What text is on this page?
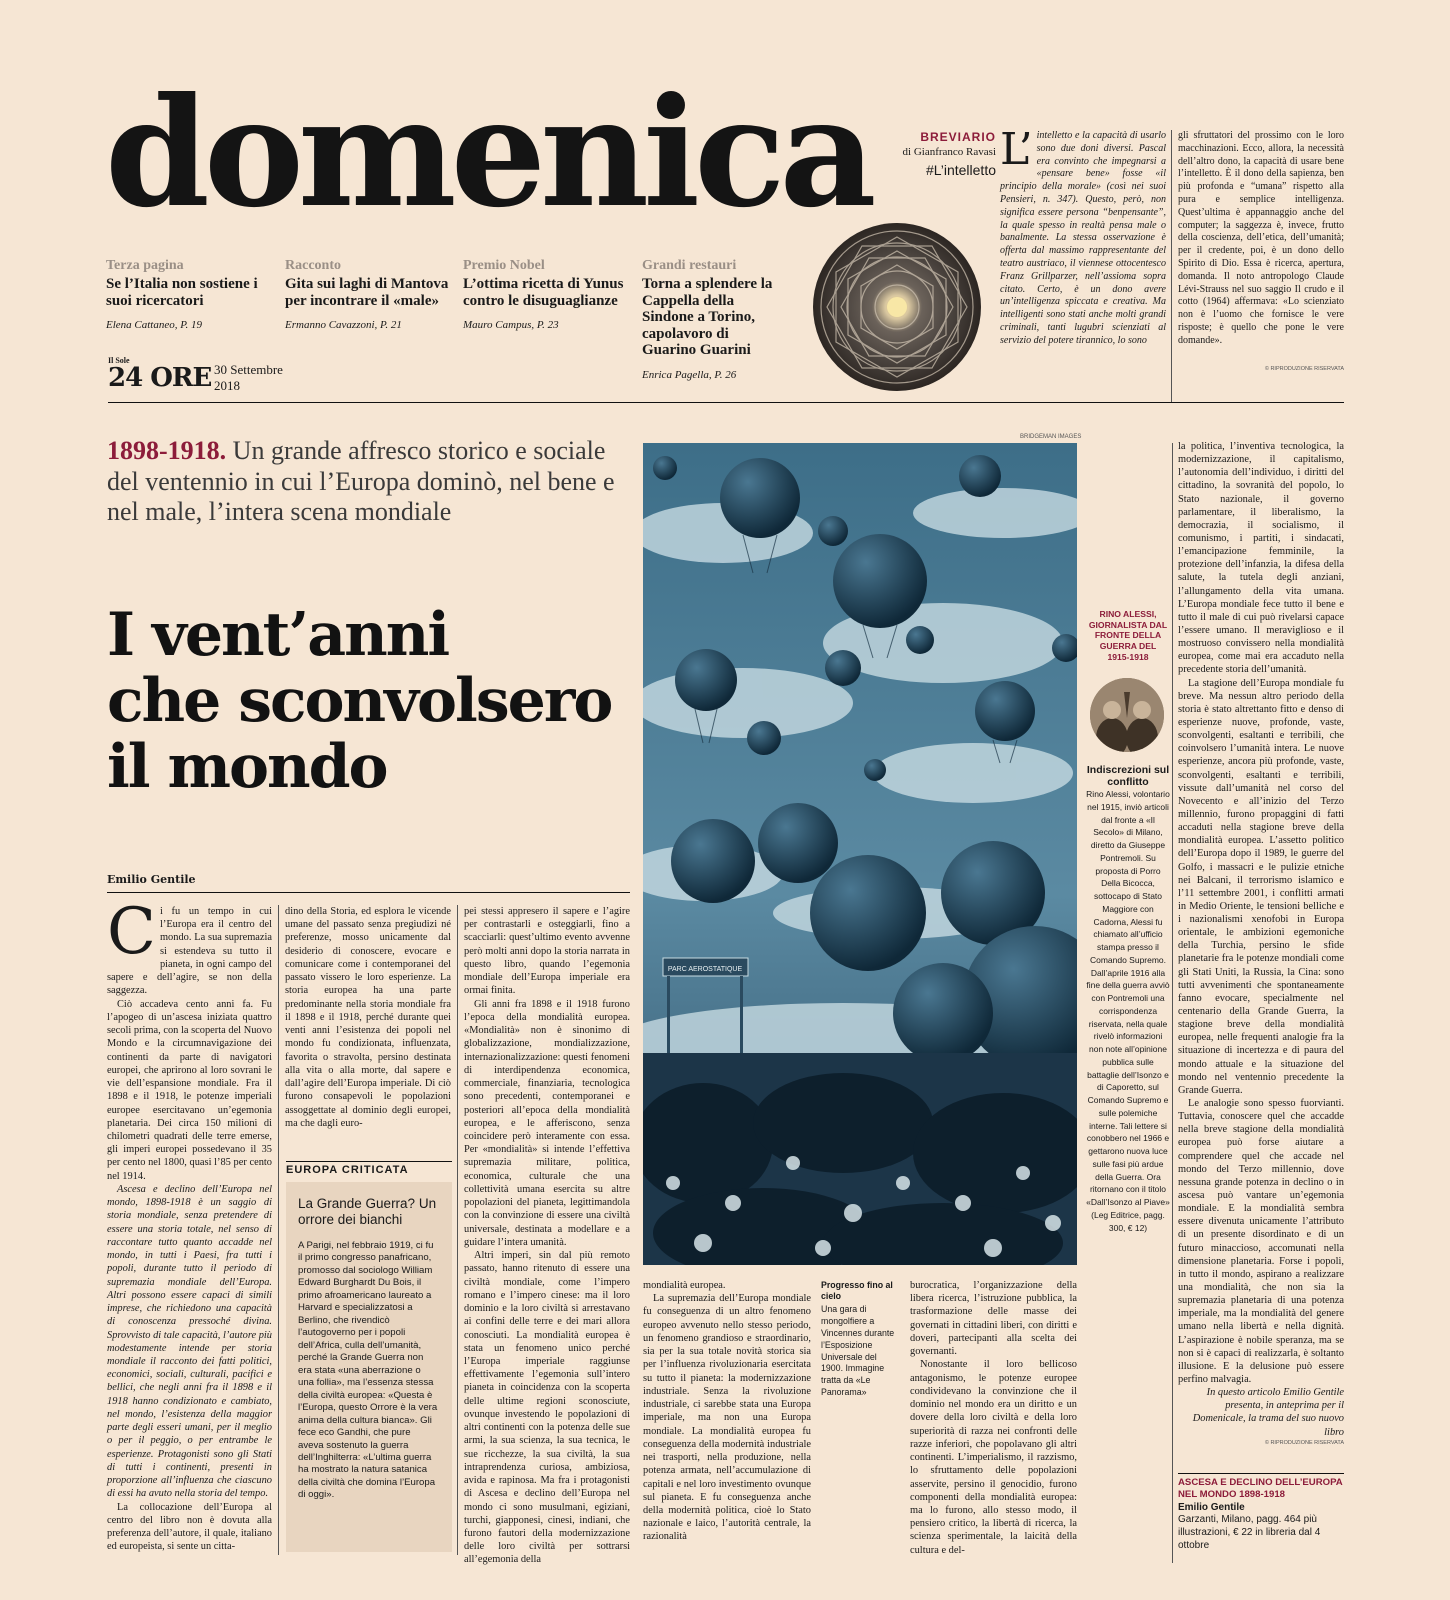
domenica
Terza pagina
Se l’Italia non sostiene i suoi ricercatori
Elena Cattaneo, P. 19
Racconto
Gita sui laghi di Mantova per incontrare il «male»
Ermanno Cavazzoni, P. 21
Premio Nobel
L’ottima ricetta di Yunus contro le disuguaglianze
Mauro Campus, P. 23
Grandi restauri
Torna a splendere la Cappella della Sindone a Torino, capolavoro di Guarino Guarini
Enrica Pagella, P. 26
Il Sole
24 ORE 30 Settembre
2018
BREVIARIO
di Gianfranco Ravasi
#L’intelletto L’ intelletto e la capacità di usarlo sono due doni diversi. Pascal era convinto che impegnarsi a «pensare bene» fosse «il principio della morale» (così nei suoi Pensieri, n. 347). Questo, però, non significa essere persona “benpensante”, la quale spesso in realtà pensa male o banalmente. La stessa osservazione è offerta dal massimo rappresentante del teatro austriaco, il viennese ottocentesco Franz Grillparzer, nell’assioma sopra citato. Certo, è un dono avere un’intelligenza spiccata e creativa. Ma intelligenti sono stati anche molti grandi criminali, tanti lugubri scienziati al servizio del potere tirannico, lo sono
gli sfruttatori del prossimo con le loro macchinazioni. Ecco, allora, la necessità dell’altro dono, la capacità di usare bene l’intelletto. È il dono della sapienza, ben più profonda e “umana” rispetto alla pura e semplice intelligenza. Quest’ultima è appannaggio anche del computer; la saggezza è, invece, frutto della coscienza, dell’etica, dell’umanità; per il credente, poi, è un dono dello Spirito di Dio. Essa è ricerca, apertura, domanda. Il noto antropologo Claude Lévi-Strauss nel suo saggio Il crudo e il cotto (1964) affermava: «Lo scienziato non è l’uomo che fornisce le vere risposte; è quello che pone le vere domande».
© RIPRODUZIONE RISERVATA
1898-1918. Un grande affresco storico e sociale del ventennio in cui l’Europa dominò, nel bene e nel male, l’intera scena mondiale
I vent’anni
che sconvolsero
il mondo
Emilio Gentile

Ci fu un tempo in cui l’Europa era il centro del mondo. La sua supremazia si estendeva su tutto il pianeta, in ogni campo del sapere e dell’agire, se non della saggezza.

Ciò accadeva cento anni fa. Fu l’apogeo di un’ascesa iniziata quattro secoli prima, con la scoperta del Nuovo Mondo e la circumnavigazione dei continenti da parte di navigatori europei, che aprirono al loro sovrani le vie dell’espansione mondiale. Fra il 1898 e il 1918, le potenze imperiali europee esercitavano un’egemonia planetaria. Dei circa 150 milioni di chilometri quadrati delle terre emerse, gli imperi europei possedevano il 35 per cento nel 1800, quasi l’85 per cento nel 1914.

Ascesa e declino dell’Europa nel mondo, 1898-1918 è un saggio di storia mondiale, senza pretendere di essere una storia totale, nel senso di raccontare tutto quanto accadde nel mondo, in tutti i Paesi, fra tutti i popoli, durante tutto il periodo di supremazia mondiale dell’Europa. Altri possono essere capaci di simili imprese, che richiedono una capacità di conoscenza pressoché divina. Sprovvisto di tale capacità, l’autore più modestamente intende per storia mondiale il racconto dei fatti politici, economici, sociali, culturali, pacifici e bellici, che negli anni fra il 1898 e il 1918 hanno condizionato e cambiato, nel mondo, l’esistenza della maggior parte degli esseri umani, per il meglio o per il peggio, o per entrambe le esperienze. Protagonisti sono gli Stati di tutti i continenti, presenti in proporzione all’influenza che ciascuno di essi ha avuto nella storia del tempo.

La collocazione dell’Europa al centro del libro non è dovuta alla preferenza dell’autore, il quale, italiano ed europeista, si sente un citta-

dino della Storia, ed esplora le vicende umane del passato senza pregiudizi né preferenze, mosso unicamente dal desiderio di conoscere, evocare e comunicare come i contemporanei del passato vissero le loro esperienze. La storia europea ha una parte predominante nella storia mondiale fra il 1898 e il 1918, perché durante quei venti anni l’esistenza dei popoli nel mondo fu condizionata, influenzata, favorita o stravolta, persino destinata alla vita o alla morte, dal sapere e dall’agire dell’Europa imperiale. Di ciò furono consapevoli le popolazioni assoggettate al dominio degli europei, ma che dagli euro-

EUROPA CRITICATA
La Grande Guerra? Un orrore dei bianchi
A Parigi, nel febbraio 1919, ci fu il primo congresso panafricano, promosso dal sociologo William Edward Burghardt Du Bois, il primo afroamericano laureato a Harvard e specializzatosi a Berlino, che rivendicò l’autogoverno per i popoli dell’Africa, culla dell’umanità, perché la Grande Guerra non era stata «una aberrazione o una follia», ma l’essenza stessa della civiltà europea: «Questa è l’Europa, questo Orrore è la vera anima della cultura bianca». Gli fece eco Gandhi, che pure aveva sostenuto la guerra dell’Inghilterra: «L’ultima guerra ha mostrato la natura satanica della civiltà che domina l’Europa di oggi».

pei stessi appresero il sapere e l’agire per contrastarli e osteggiarli, fino a scacciarli: quest’ultimo evento avvenne però molti anni dopo la storia narrata in questo libro, quando l’egemonia mondiale dell’Europa imperiale era ormai finita.

Gli anni fra 1898 e il 1918 furono l’epoca della mondialità europea. «Mondialità» non è sinonimo di globalizzazione, mondializzazione, internazionalizzazione: questi fenomeni di interdipendenza economica, commerciale, finanziaria, tecnologica sono precedenti, contemporanei e posteriori all’epoca della mondialità europea, e le afferiscono, senza coincidere però interamente con essa. Per «mondialità» si intende l’effettiva supremazia militare, politica, economica, culturale che una collettività umana esercita su altre popolazioni del pianeta, legittimandola con la convinzione di essere una civiltà universale, destinata a modellare e a guidare l’intera umanità.

Altri imperi, sin dal più remoto passato, hanno ritenuto di essere una civiltà mondiale, come l’impero romano e l’impero cinese: ma il loro dominio e la loro civiltà si arrestavano ai confini delle terre e dei mari allora conosciuti. La mondialità europea è stata un fenomeno unico perché l’Europa imperiale raggiunse effettivamente l’egemonia sull’intero pianeta in coincidenza con la scoperta delle ultime regioni sconosciute, ovunque investendo le popolazioni di altri continenti con la potenza delle sue armi, la sua scienza, la sua tecnica, le sue ricchezze, la sua civiltà, la sua intraprendenza curiosa, ambiziosa, avida e rapinosa. Ma fra i protagonisti di Ascesa e declino dell’Europa nel mondo ci sono musulmani, egiziani, turchi, giapponesi, cinesi, indiani, che furono fautori della modernizzazione delle loro civiltà per sottrarsi all’egemonia della

BRIDGEMAN IMAGES
PARC AEROSTATIQUE
RINO ALESSI, GIORNALISTA DAL FRONTE DELLA GUERRA DEL 1915-1918
Indiscrezioni sul conflitto
Rino Alessi, volontario nel 1915, inviò articoli dal fronte a «Il Secolo» di Milano, diretto da Giuseppe Pontremoli. Su proposta di Porro Della Bicocca, sottocapo di Stato Maggiore con Cadorna, Alessi fu chiamato all’ufficio stampa presso il Comando Supremo. Dall’aprile 1916 alla fine della guerra avviò con Pontremoli una corrispondenza riservata, nella quale rivelò informazioni non note all’opinione pubblica sulle battaglie dell’Isonzo e di Caporetto, sul Comando Supremo e sulle polemiche interne. Tali lettere si conobbero nel 1966 e gettarono nuova luce sulle fasi più ardue della Guerra. Ora ritornano con il titolo «Dall’Isonzo al Piave» (Leg Editrice, pagg. 300, € 12)

mondialità europea.

La supremazia dell’Europa mondiale fu conseguenza di un altro fenomeno europeo avvenuto nello stesso periodo, un fenomeno grandioso e straordinario, sia per la sua totale novità storica sia per l’influenza rivoluzionaria esercitata su tutto il pianeta: la modernizzazione industriale. Senza la rivoluzione industriale, ci sarebbe stata una Europa imperiale, ma non una Europa mondiale. La mondialità europea fu conseguenza della modernità industriale nei trasporti, nella produzione, nella potenza armata, nell’accumulazione di capitali e nel loro investimento ovunque sul pianeta. E fu conseguenza anche della modernità politica, cioè lo Stato nazionale e laico, l’autorità centrale, la razionalità

Progresso fino al cielo
Una gara di mongolfiere a Vincennes durante l’Esposizione Universale del 1900. Immagine tratta da «Le Panorama»

burocratica, l’organizzazione della libera ricerca, l’istruzione pubblica, la trasformazione delle masse dei governati in cittadini liberi, con diritti e doveri, partecipanti alla scelta dei governanti.

Nonostante il loro bellicoso antagonismo, le potenze europee condividevano la convinzione che il dominio nel mondo era un diritto e un dovere della loro civiltà e della loro superiorità di razza nei confronti delle razze inferiori, che popolavano gli altri continenti. L’imperialismo, il razzismo, lo sfruttamento delle popolazioni asservite, persino il genocidio, furono componenti della mondialità europea: ma lo furono, allo stesso modo, il pensiero critico, la libertà di ricerca, la scienza sperimentale, la laicità della cultura e del-

la politica, l’inventiva tecnologica, la modernizzazione, il capitalismo, l’autonomia dell’individuo, i diritti del cittadino, la sovranità del popolo, lo Stato nazionale, il governo parlamentare, il liberalismo, la democrazia, il socialismo, il comunismo, i partiti, i sindacati, l’emancipazione femminile, la protezione dell’infanzia, la difesa della salute, la tutela degli anziani, l’allungamento della vita umana. L’Europa mondiale fece tutto il bene e tutto il male di cui può rivelarsi capace l’essere umano. Il meraviglioso e il mostruoso convissero nella mondialità europea, come mai era accaduto nella precedente storia dell’umanità.

La stagione dell’Europa mondiale fu breve. Ma nessun altro periodo della storia è stato altrettanto fitto e denso di esperienze nuove, profonde, vaste, sconvolgenti, esaltanti e terribili, che coinvolsero l’umanità intera. Le nuove esperienze, ancora più profonde, vaste, sconvolgenti, esaltanti e terribili, vissute dall’umanità nel corso del Novecento e all’inizio del Terzo millennio, furono propaggini di fatti accaduti nella stagione breve della mondialità europea. L’assetto politico dell’Europa dopo il 1989, le guerre del Golfo, i massacri e le pulizie etniche nei Balcani, il terrorismo islamico e l’11 settembre 2001, i conflitti armati in Medio Oriente, le tensioni belliche e i nazionalismi xenofobi in Europa orientale, le ambizioni egemoniche della Turchia, persino le sfide planetarie fra le potenze mondiali come gli Stati Uniti, la Russia, la Cina: sono tutti avvenimenti che spontaneamente fanno evocare, specialmente nel centenario della Grande Guerra, la stagione breve della mondialità europea, nelle frequenti analogie fra la situazione di incertezza e di paura del mondo attuale e la situazione del mondo nel ventennio precedente la Grande Guerra.

Le analogie sono spesso fuorvianti. Tuttavia, conoscere quel che accadde nella breve stagione della mondialità europea può forse aiutare a comprendere quel che accade nel mondo del Terzo millennio, dove nessuna grande potenza in declino o in ascesa può vantare un’egemonia mondiale. E la mondialità sembra essere divenuta unicamente l’attributo di un presente disordinato e di un futuro minaccioso, accomunati nella dimensione planetaria. Forse i popoli, in tutto il mondo, aspirano a realizzare una mondialità, che non sia la supremazia planetaria di una potenza imperiale, ma la mondialità del genere umano nella libertà e nella dignità. L’aspirazione è nobile speranza, ma se non si è capaci di realizzarla, è soltanto illusione. E la delusione può essere perfino malvagia.

In questo articolo Emilio Gentile presenta, in anteprima per il Domenicale, la trama del suo nuovo libro

© RIPRODUZIONE RISERVATA
ASCESA E DECLINO DELL’EUROPA NEL MONDO 1898-1918
Emilio Gentile
Garzanti, Milano, pagg. 464 più illustrazioni, € 22 in libreria dal 4 ottobre
